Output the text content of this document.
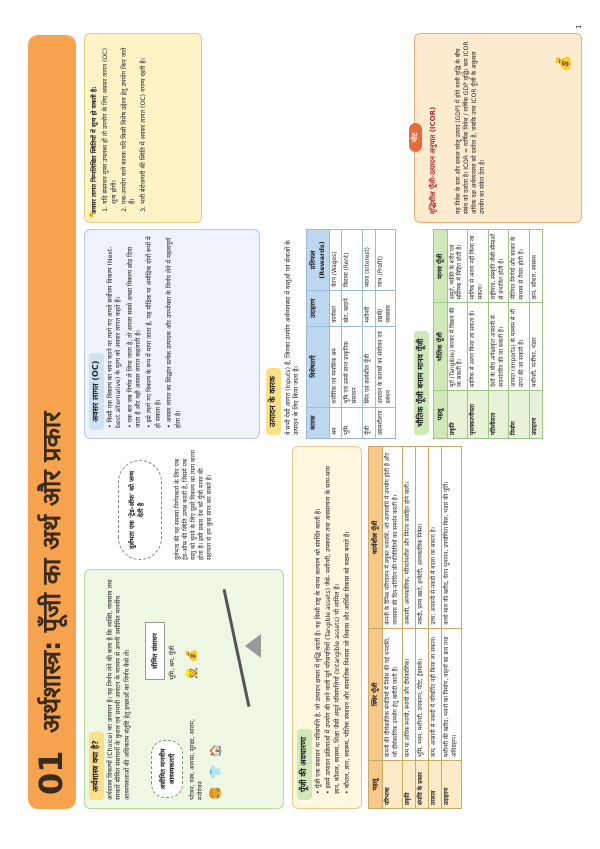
01
अर्थशास्त्र: पूँजी का अर्थ और प्रकार
अर्थशास्त्र क्या है?	अर्थशास्त्र विकल्पों (Choice) का अध्ययन है। यह निर्णय लेने की कला है कि व्यक्ति, व्यवसाय तथा सरकारें सीमित संसाधनों के कुशल एवं प्रभावी आवंटन के माध्यम से अपनी असीमित मानवीय आवश्यकताओं की अधिकतम संतुष्टि हेतु इच्छाओं का निर्णय कैसे लें।	असीमित मानवीय आवश्यकताएँ	भोजन, वस्त्र, आवास, सुरक्षा, आराम, मनोरंजन 🍔 👕 🏠
सीमित संसाधन	भूमि, श्रम, पूँजी 👷 💰
दुर्लभता एक 'ट्रेड-ऑफ' को जन्म देती है	दुर्लभता की यह समस्या निर्णयकर्ता के लिए एक ट्रेड-ऑफ की स्थिति उत्पन्न करती है, जिसमें एक वस्तु को चुनने के लिए दूसरे विकल्प का त्याग करना होता है। इसी प्रकार देश को पूँजी मानव की सहायता से हम कुछ प्राप्त कर सकते हैं।
पूँजी की अवधारणा	• पूँजी एक संसाधन या परिसंपत्ति है, जो उत्पादन क्षमता में वृद्धि करती है। यह किसी राष्ट्र के मानव कल्याण को संवर्धित करती है। • इसमें उत्पादन प्रक्रियाओं में उपयोग की जाने वाली मूर्त परिसंपत्तियों (Tangible assets) जैसे- मशीनरी, उपकरण तथा अवसंरचना के साथ-साथ ज्ञान, कौशल, स्वास्थ्य, शिक्षा जैसी अमूर्त परिसंपत्तियाँ (Intangible assets) भी शामिल हैं। • कौशल, ज्ञान, स्वास्थ्य, भौतिक संसाधन और सामाजिक विश्वास जो विकास और आर्थिक विकास को सक्षम बनाते हैं।	पहलू	स्थिर पूँजी	कार्यशील पूँजी
परिभाषा	कंपनी की दीर्घकालिक संपत्तियों में निवेश की गई धनराशि, जो दीर्घकालिक उपयोग हेतु खरीदी जाती हैं।	कंपनी के दैनिक परिचालन में प्रयुक्त धनराशि, जो अल्पावधि में उपयोग होती है और व्यवसाय की दिन-प्रतिदिन की गतिविधियों का समर्थन करती है।
प्रकृति	कम या अधिक स्थायी, स्थायी और दीर्घकालिक।	अस्थायी, अल्पकालिक, परिवर्तनशील और निरंतर प्रवाहित होने वाली।
संपत्ति के प्रकार	भूमि, भवन, मशीनरी, उपकरण, पेटेंट, ट्रेडमार्क।	नकदी, प्राप्य खाते, इन्वेंटरी, अल्पकालिक निवेश।
तरलता	कम; आसानी से नकदी में परिवर्तित नहीं किया जा सकता।	उच्च; आसानी से नकदी में बदला जा सकता है।
उदाहरण	मशीनरी की खरीद, भवनों का निर्माण, वाहनों का क्रय तथा अधिग्रहण।	कच्चे माल की खरीद, वेतन भुगतान, उपयोगिता बिल, भंडार की पूर्ति।
अवसर लागत (OC)	• किसी एक विकल्प का चयन करने पर त्यागे गए अगले सर्वोत्तम विकल्प (Next-best alternative) के मूल्य को अवसर लागत कहते हैं। • एक बार जब निर्णय ले लिया जाता है, तो अगला सबसे अच्छा विकल्प छोड़ दिया जाता है और वही अवसर लागत कहलाती है। • इसे त्यागे गए विकल्प के रूप में मापा जाता है, यह मौद्रिक या अमौद्रिक दोनों रूपों में हो सकता है। • अवसर लागत का सिद्धांत प्रत्येक उत्पादक और उपभोक्ता के निर्णय लेने में महत्वपूर्ण होता है।	उत्पादन के कारक वे सभी ऐसी आगत (Inputs) हैं, जिनका उपयोग अर्थव्यवस्था में वस्तुओं एवं सेवाओं के उत्पादन के लिए किया जाता है। कारक	विशेषताएँ	उदाहरण	प्रतिफल (Rewards)
श्रम	शारीरिक एवं मानसिक श्रम	कार्यबल	वेतन (Wages)
भूमि	भूमि एवं उससे प्राप्त प्राकृतिक संसाधन	खेत, खदानें	किराया (Rent)
पूँजी	स्थिर एवं कार्यशील पूँजी	मशीनरी	ब्याज (Interest)
उद्यमशीलता	उत्पादन के कारकों का संयोजन एवं प्रबंधन	उद्यमी/व्यवसाय	लाभ (Profit)
भौतिक पूँजी बनाम मानव पूँजी पहलू	भौतिक पूँजी	मानव पूँजी
प्रकृति	मूर्त (Tangible) बाजार में विक्रय की जा सकती है।	अमूर्त, व्यक्ति के शरीर एवं मस्तिष्क में निहित होती है।
पृथक्करणीयता	मालिक से अलग किया जा सकता है।	मालिक से अलग नहीं किया जा सकता।
गतिशीलता	देशों के बीच अपेक्षाकृत आसानी से स्थानांतरित की जा सकती है।	राष्ट्रीयता, संस्कृति जैसी सीमाओं से प्रभावित होती है।
निर्माण	आयात (Imports) के माध्यम से भी प्राप्त की जा सकती है।	नीतिगत निर्णयों और बाजार के माध्यम से तैयार होती है।
उदाहरण	मशीनरी, फर्नीचर, भंडार	ज्ञान, कौशल, स्वास्थ्य

अवसर लागत निम्नलिखित स्थितियों में शून्य हो सकती है: 1. यदि संसाधन मुफ्त उपलब्ध हों तो उपयोग के लिए अवसर लागत (OC) शून्य होगी। 2. एक-उपयोग वाले कारक यदि किसी विशेष उद्देश्य हेतु उपयोग किए जाते हैं। 3. भारी बेरोजगारी की स्थिति में अवसर लागत (OC) नगण्य रहती है।
★
नोट	वृद्धिशील पूँजी-उत्पादन अनुपात (ICOR)	यह निवेश के स्तर और सकल घरेलू उत्पाद (GDP) में होने वाली वृद्धि के बीच संबंध को दर्शाता है। ICOR = वार्षिक निवेश / वार्षिक GDP वृद्धि। कम ICOR अधिक दक्ष अर्थव्यवस्था को दर्शाता है, जबकि उच्च ICOR पूँजी के अकुशल उपयोग का संकेत देता है।

💰
1
